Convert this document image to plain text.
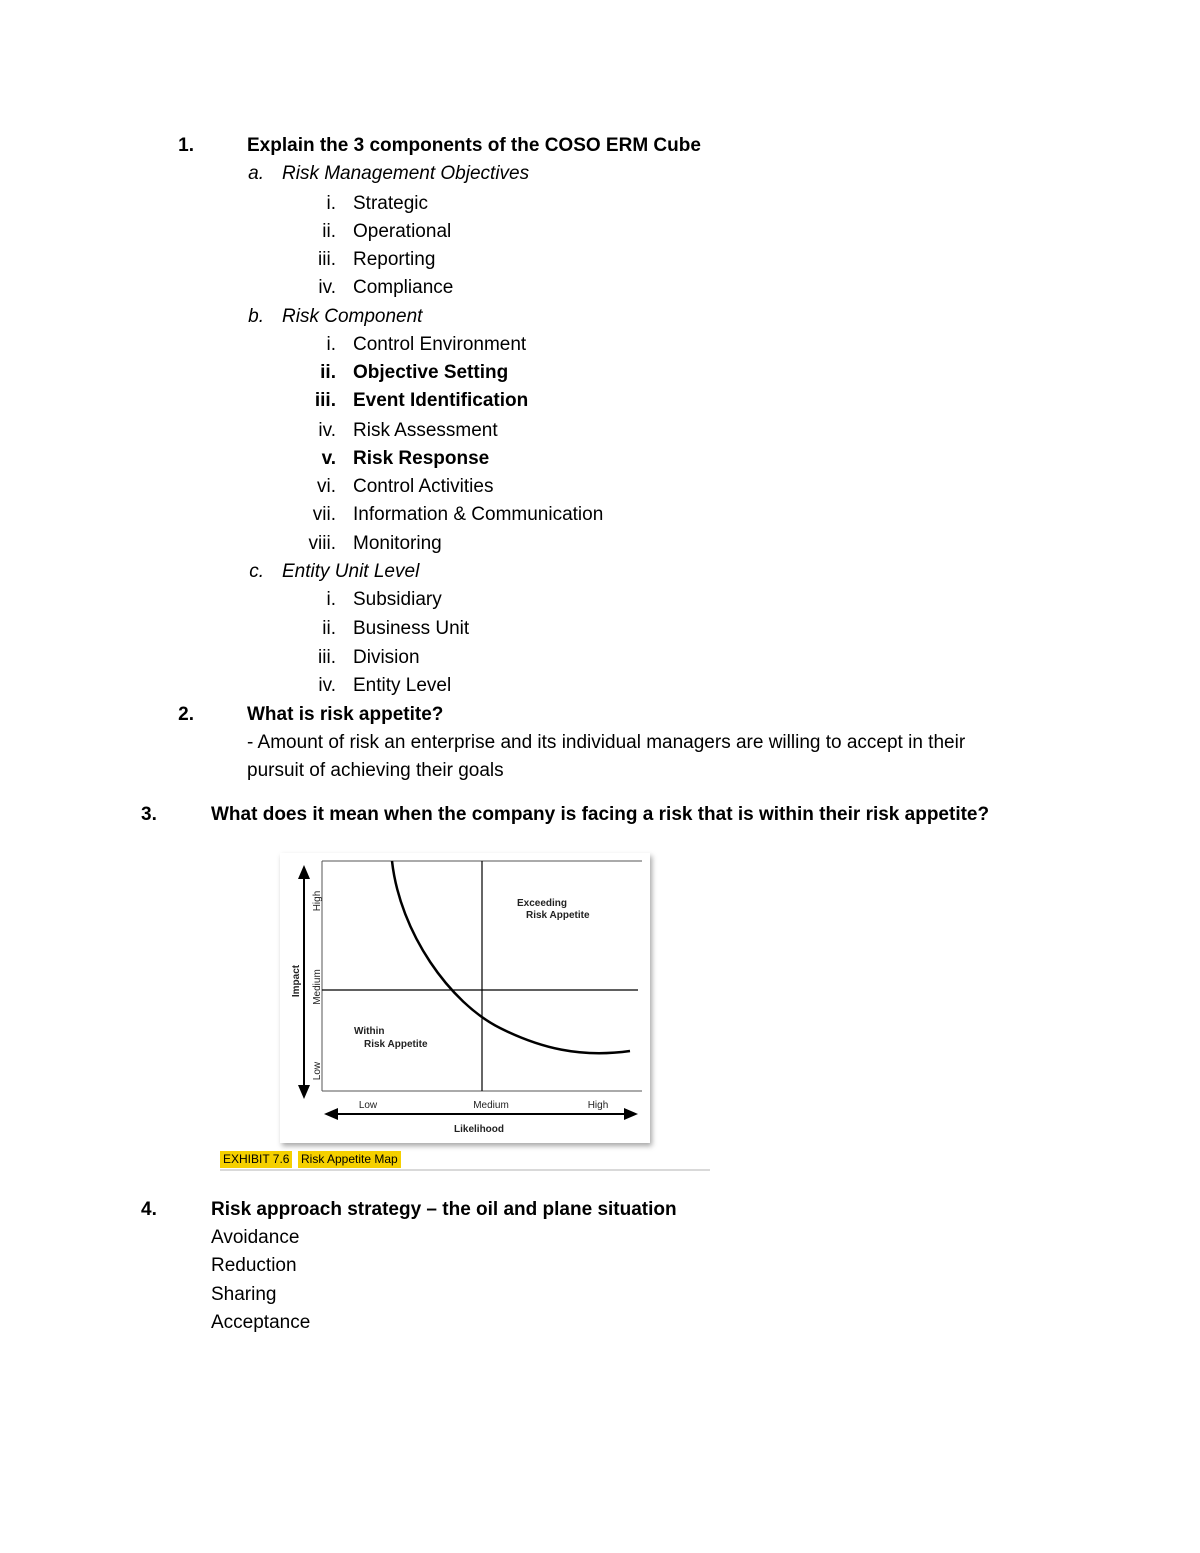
1.	Explain the 3 components of the COSO ERM Cube
a. Risk Management Objectives
i. Strategic
ii. Operational
iii. Reporting
iv. Compliance
b. Risk Component
i. Control Environment
ii. Objective Setting
iii. Event Identification
iv. Risk Assessment
v. Risk Response
vi. Control Activities
vii. Information & Communication
viii. Monitoring
c. Entity Unit Level
i. Subsidiary
ii. Business Unit
iii. Division
iv. Entity Level
2.	What is risk appetite?
- Amount of risk an enterprise and its individual managers are willing to accept in their
pursuit of achieving their goals
3.	What does it mean when the company is facing a risk that is within their risk appetite?
Impact
High
Medium
Low
Low	Medium	High
Likelihood
Exceeding
Risk Appetite
Within
Risk Appetite
EXHIBIT 7.6 Risk Appetite Map
4.	Risk approach strategy – the oil and plane situation
Avoidance
Reduction
Sharing
Acceptance
